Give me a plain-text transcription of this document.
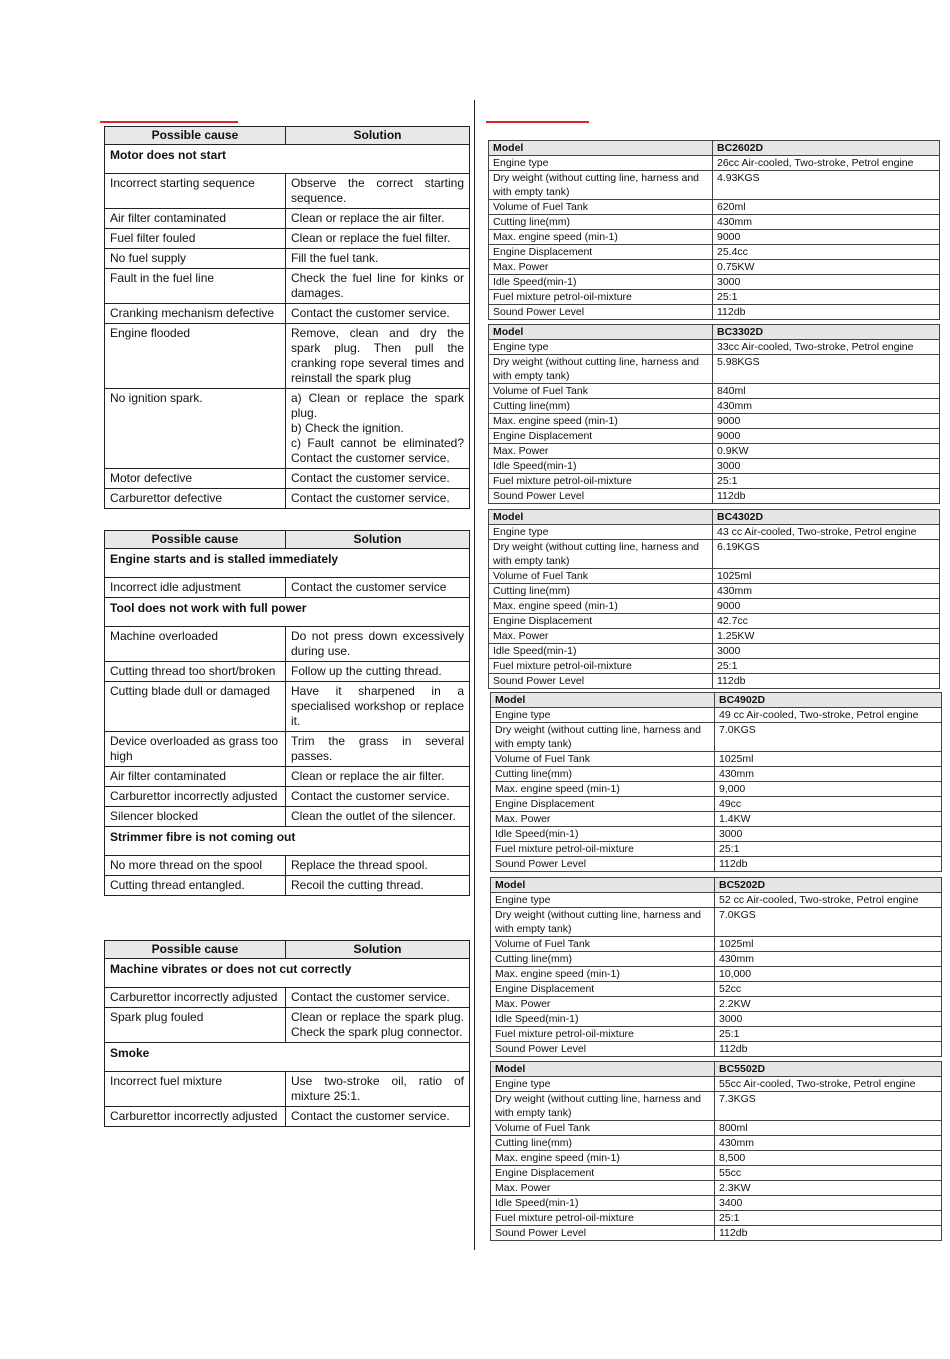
Possible cause	Solution
Motor does not start	
Incorrect starting sequence	Observe the correct starting sequence.
Air filter contaminated	Clean or replace the air filter.
Fuel filter fouled	Clean or replace the fuel filter.
No fuel supply	Fill the fuel tank.
Fault in the fuel line	Check the fuel line for kinks or damages.
Cranking mechanism defective	Contact the customer service.
Engine flooded	Remove, clean and dry the spark plug. Then pull the cranking rope several times and reinstall the spark plug
No ignition spark.	a) Clean or replace the spark plug.
b) Check the ignition.
c) Fault cannot be eliminated? Contact the customer service.
Motor defective	Contact the customer service.
Carburettor defective	Contact the customer service.
Possible cause	Solution
Engine starts and is stalled immediately	
Incorrect idle adjustment	Contact the customer service
Tool does not work with full power	
Machine overloaded	Do not press down excessively during use.
Cutting thread too short/broken	Follow up the cutting thread.
Cutting blade dull or damaged	Have it sharpened in a specialised workshop or replace it.
Device overloaded as grass too high	Trim the grass in several passes.
Air filter contaminated	Clean or replace the air filter.
Carburettor incorrectly adjusted	Contact the customer service.
Silencer blocked	Clean the outlet of the silencer.
Strimmer fibre is not coming out	
No more thread on the spool	Replace the thread spool.
Cutting thread entangled.	Recoil the cutting thread.
Possible cause	Solution
Machine vibrates or does not cut correctly	
Carburettor incorrectly adjusted	Contact the customer service.
Spark plug fouled	Clean or replace the spark plug. Check the spark plug connector.
Smoke	
Incorrect fuel mixture	Use two-stroke oil, ratio of mixture 25:1.
Carburettor incorrectly adjusted	Contact the customer service.
Model	BC2602D
Engine type	26cc Air-cooled, Two-stroke, Petrol engine
Dry weight (without cutting line, harness and with empty tank)	4.93KGS
Volume of Fuel Tank	620ml
Cutting line(mm)	430mm
Max. engine speed (min-1)	9000
Engine Displacement	25.4cc
Max. Power	0.75KW
Idle Speed(min-1)	3000
Fuel mixture petrol-oil-mixture	25:1
Sound Power Level	112db
Model	BC3302D
Engine type	33cc Air-cooled, Two-stroke, Petrol engine
Dry weight (without cutting line, harness and with empty tank)	5.98KGS
Volume of Fuel Tank	840ml
Cutting line(mm)	430mm
Max. engine speed (min-1)	9000
Engine Displacement	9000
Max. Power	0.9KW
Idle Speed(min-1)	3000
Fuel mixture petrol-oil-mixture	25:1
Sound Power Level	112db
Model	BC4302D
Engine type	43 cc Air-cooled, Two-stroke, Petrol engine
Dry weight (without cutting line, harness and with empty tank)	6.19KGS
Volume of Fuel Tank	1025ml
Cutting line(mm)	430mm
Max. engine speed (min-1)	9000
Engine Displacement	42.7cc
Max. Power	1.25KW
Idle Speed(min-1)	3000
Fuel mixture petrol-oil-mixture	25:1
Sound Power Level	112db
Model	BC4902D
Engine type	49 cc Air-cooled, Two-stroke, Petrol engine
Dry weight (without cutting line, harness and with empty tank)	7.0KGS
Volume of Fuel Tank	1025ml
Cutting line(mm)	430mm
Max. engine speed (min-1)	9,000
Engine Displacement	49cc
Max. Power	1.4KW
Idle Speed(min-1)	3000
Fuel mixture petrol-oil-mixture	25:1
Sound Power Level	112db
Model	BC5202D
Engine type	52 cc Air-cooled, Two-stroke, Petrol engine
Dry weight (without cutting line, harness and with empty tank)	7.0KGS
Volume of Fuel Tank	1025ml
Cutting line(mm)	430mm
Max. engine speed (min-1)	10,000
Engine Displacement	52cc
Max. Power	2.2KW
Idle Speed(min-1)	3000
Fuel mixture petrol-oil-mixture	25:1
Sound Power Level	112db
Model	BC5502D
Engine type	55cc Air-cooled, Two-stroke, Petrol engine
Dry weight (without cutting line, harness and with empty tank)	7.3KGS
Volume of Fuel Tank	800ml
Cutting line(mm)	430mm
Max. engine speed (min-1)	8,500
Engine Displacement	55cc
Max. Power	2.3KW
Idle Speed(min-1)	3400
Fuel mixture petrol-oil-mixture	25:1
Sound Power Level	112db
